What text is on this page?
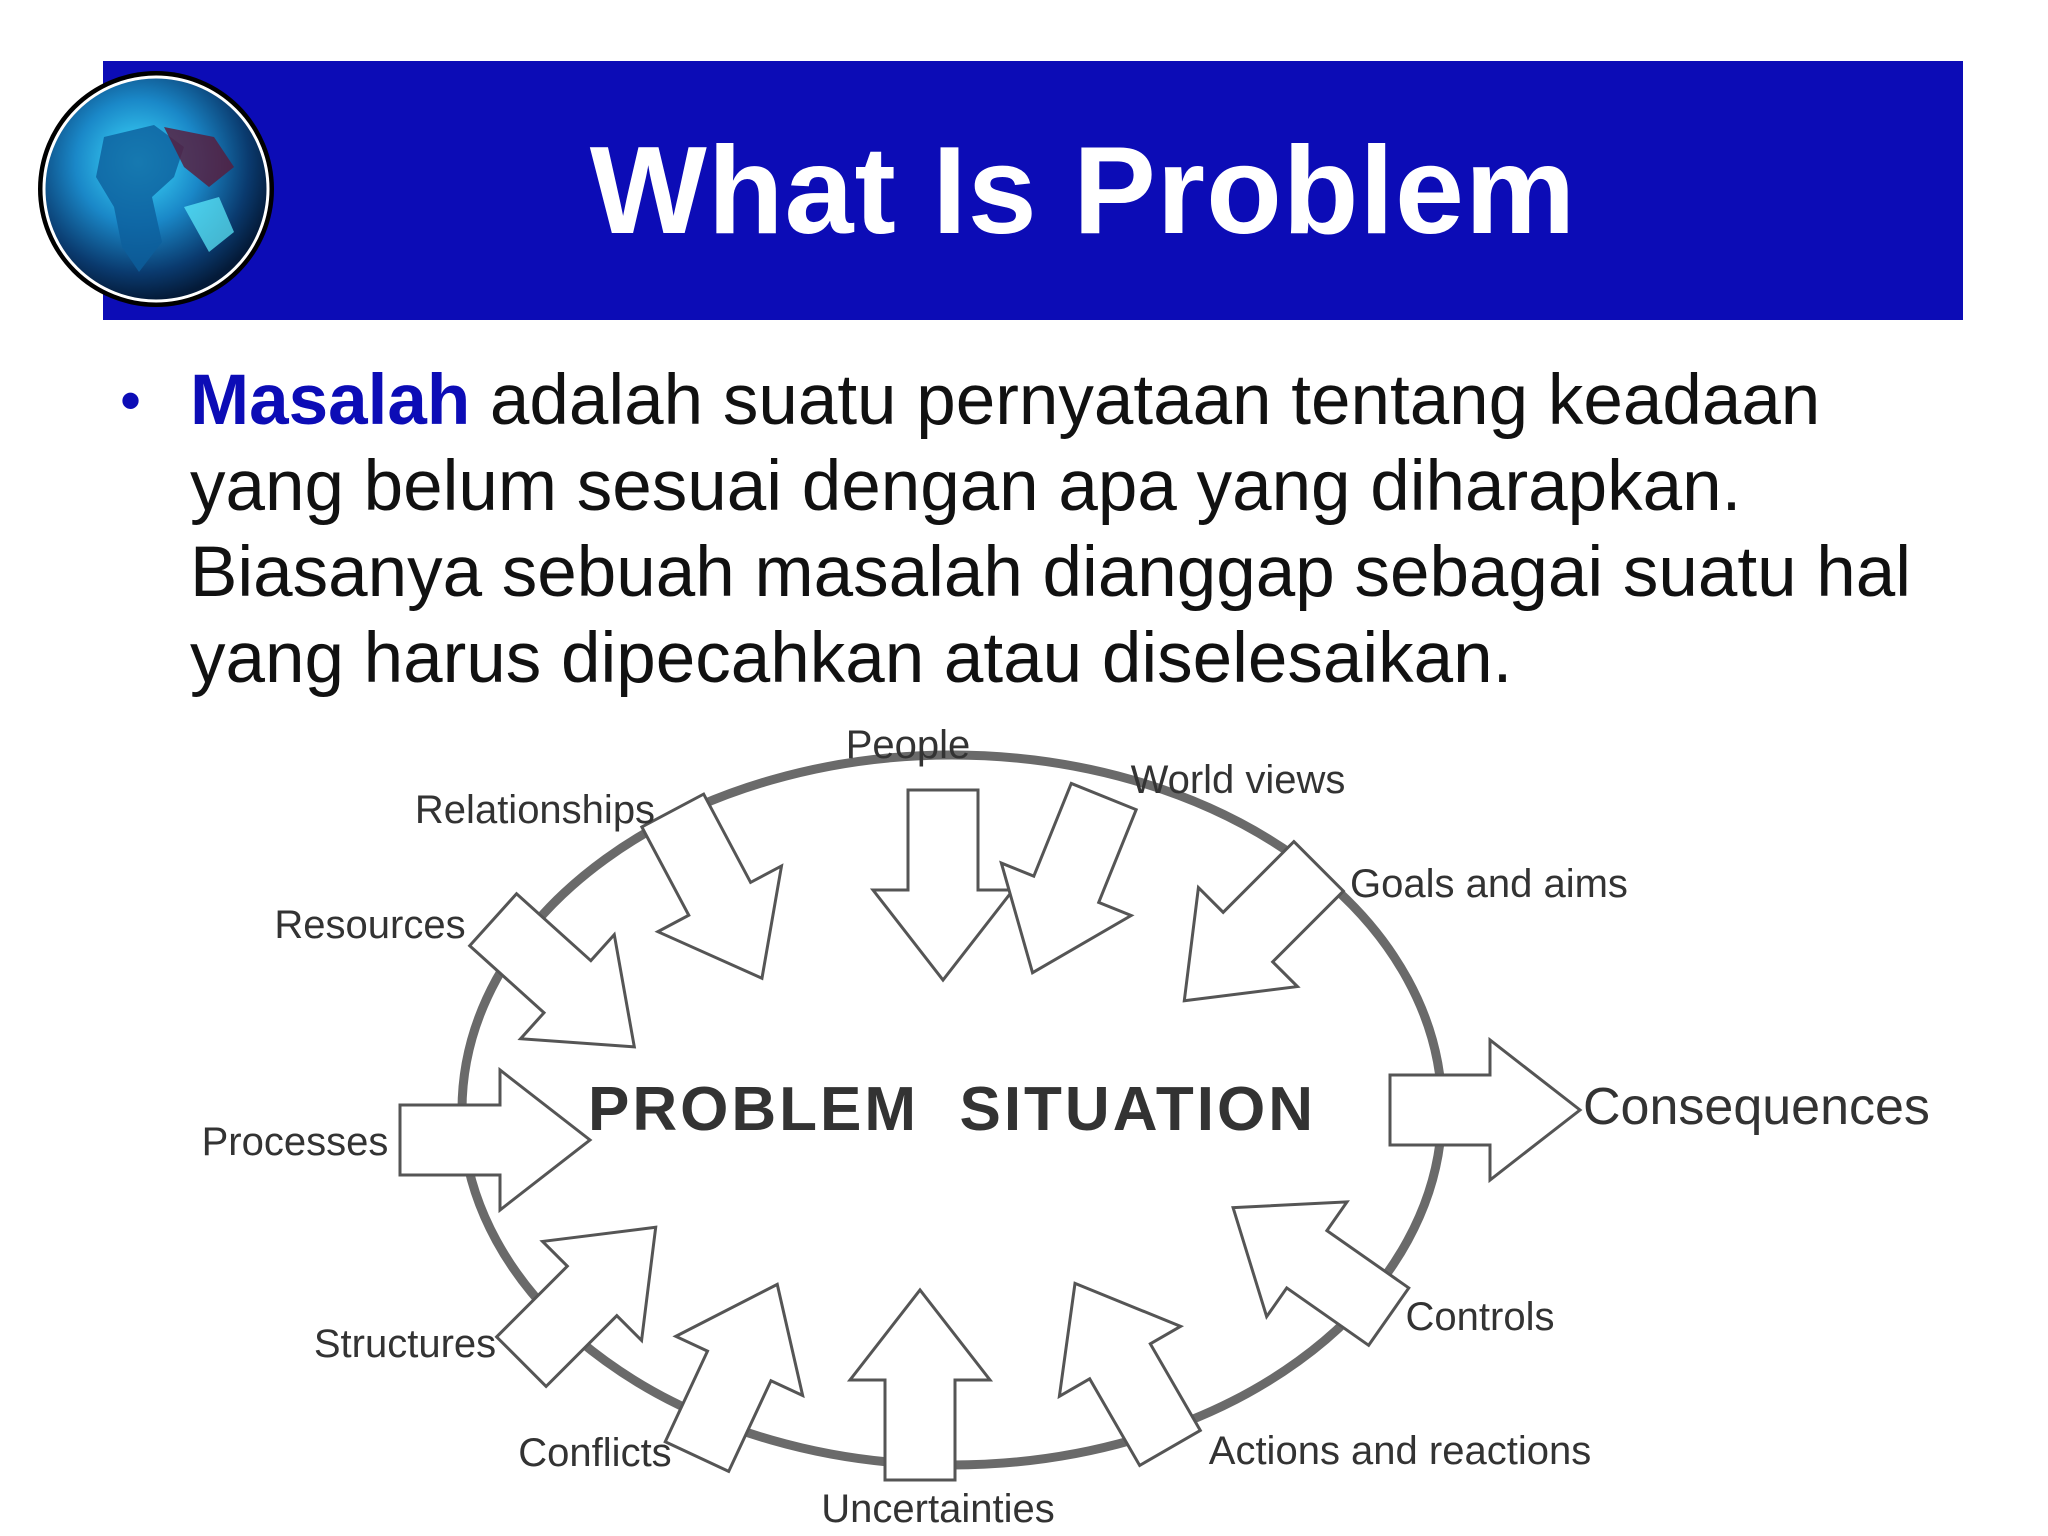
What Is Problem
• Masalah adalah suatu pernyataan tentang keadaan yang belum sesuai dengan apa yang diharapkan. Biasanya sebuah masalah dianggap sebagai suatu hal yang harus dipecahkan atau diselesaikan.
PROBLEM  SITUATION
People
World views
Goals and aims
Relationships
Resources
Processes
Structures
Conflicts
Uncertainties
Actions and reactions
Controls
Consequences
